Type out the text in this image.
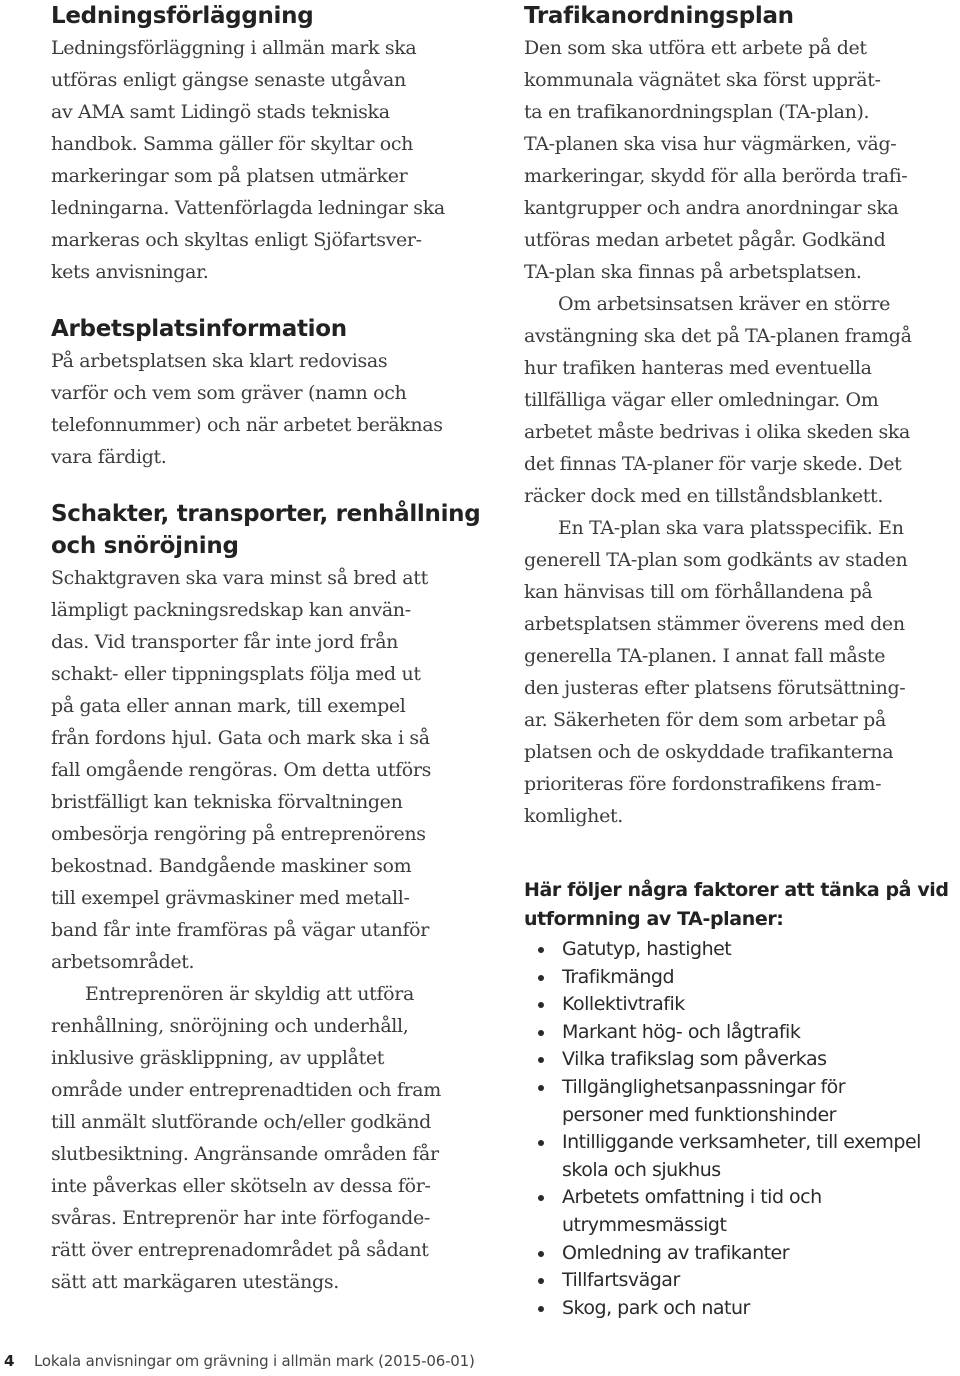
Ledningsförläggning

Ledningsförläggning i allmän mark ska

utföras enligt gängse senaste utgåvan

av AMA samt Lidingö stads tekniska

handbok. Samma gäller för skyltar och

markeringar som på platsen utmärker

ledningarna. Vattenförlagda ledningar ska

markeras och skyltas enligt Sjöfartsver-

kets anvisningar.

Arbetsplatsinformation

På arbetsplatsen ska klart redovisas

varför och vem som gräver (namn och

telefonnummer) och när arbetet beräknas

vara färdigt.

Schakter, transporter, renhållning
och snöröjning

Schaktgraven ska vara minst så bred att

lämpligt packningsredskap kan använ-

das. Vid transporter får inte jord från

schakt- eller tippningsplats följa med ut

på gata eller annan mark, till exempel

från fordons hjul. Gata och mark ska i så

fall omgående rengöras. Om detta utförs

bristfälligt kan tekniska förvaltningen

ombesörja rengöring på entreprenörens

bekostnad. Bandgående maskiner som

till exempel grävmaskiner med metall-

band får inte framföras på vägar utanför

arbetsområdet.

Entreprenören är skyldig att utföra

renhållning, snöröjning och underhåll,

inklusive gräsklippning, av upplåtet

område under entreprenadtiden och fram

till anmält slutförande och/eller godkänd

slutbesiktning. Angränsande områden får

inte påverkas eller skötseln av dessa för-

svåras. Entreprenör har inte förfogande-

rätt över entreprenadområdet på sådant

sätt att markägaren utestängs.

Trafikanordningsplan

Den som ska utföra ett arbete på det

kommunala vägnätet ska först upprät-

ta en trafikanordningsplan (TA-plan).

TA-planen ska visa hur vägmärken, väg-

markeringar, skydd för alla berörda trafi-

kantgrupper och andra anordningar ska

utföras medan arbetet pågår. Godkänd

TA-plan ska finnas på arbetsplatsen.

Om arbetsinsatsen kräver en större

avstängning ska det på TA-planen framgå

hur trafiken hanteras med eventuella

tillfälliga vägar eller omledningar. Om

arbetet måste bedrivas i olika skeden ska

det finnas TA-planer för varje skede. Det

räcker dock med en tillståndsblankett.

En TA-plan ska vara platsspecifik. En

generell TA-plan som godkänts av staden

kan hänvisas till om förhållandena på

arbetsplatsen stämmer överens med den

generella TA-planen. I annat fall måste

den justeras efter platsens förutsättning-

ar. Säkerheten för dem som arbetar på

platsen och de oskyddade trafikanterna

prioriteras före fordonstrafikens fram-

komlighet.

Här följer några faktorer att tänka på vid
utformning av TA-planer:
Gatutyp, hastighet
Trafikmängd
Kollektivtrafik
Markant hög- och lågtrafik
Vilka trafikslag som påverkas
Tillgänglighetsanpassningar för
personer med funktionshinder
Intilliggande verksamheter, till exempel
skola och sjukhus
Arbetets omfattning i tid och
utrymmesmässigt
Omledning av trafikanter
Tillfartsvägar
Skog, park och natur
4 Lokala anvisningar om grävning i allmän mark (2015-06-01)
